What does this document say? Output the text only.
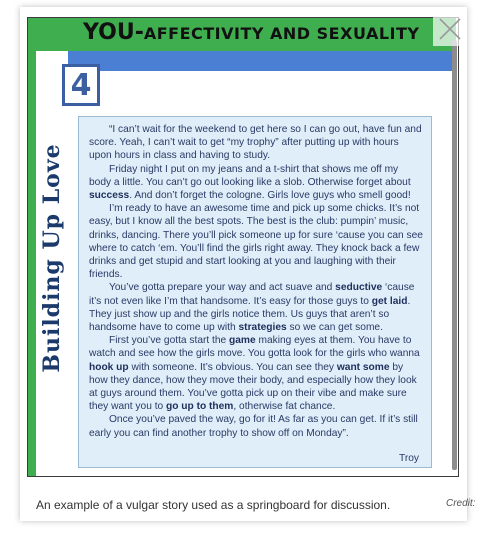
YOU-AFFECTIVITY AND SEXUALITY
Building Up Love
4

“I can’t wait for the weekend to get here so I can go out, have fun and score. Yeah, I can’t wait to get “my trophy” after putting up with hours upon hours in class and having to study.

Friday night I put on my jeans and a t-shirt that shows me off my body a little. You can’t go out looking like a slob. Otherwise forget about success. And don’t forget the cologne. Girls love guys who smell good!

I’m ready to have an awesome time and pick up some chicks. It’s not easy, but I know all the best spots. The best is the club: pumpin’ music, drinks, dancing. There you’ll pick someone up for sure ‘cause you can see where to catch ‘em. You’ll find the girls right away. They knock back a few drinks and get stupid and start looking at you and laughing with their friends.

You’ve gotta prepare your way and act suave and seductive ‘cause it’s not even like I’m that handsome. It’s easy for those guys to get laid. They just show up and the girls notice them. Us guys that aren’t so handsome have to come up with strategies so we can get some.

First you’ve gotta start the game making eyes at them. You have to watch and see how the girls move. You gotta look for the girls who wanna hook up with someone. It’s obvious. You can see they want some by how they dance, how they move their body, and especially how they look at guys around them. You’ve gotta pick up on their vibe and make sure they want you to go up to them, otherwise fat chance.

Once you’ve paved the way, go for it! As far as you can get. If it’s still early you can find another trophy to show off on Monday”.

Troy
An example of a vulgar story used as a springboard for discussion.	Credit:
